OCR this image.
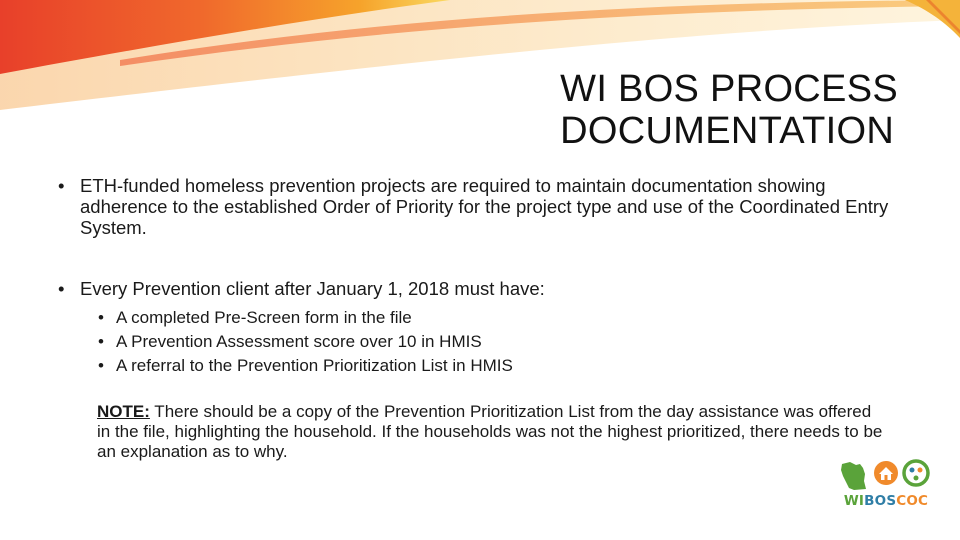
WI BOS PROCESS
DOCUMENTATION

• ETH-funded homeless prevention projects are required to maintain documentation showing adherence to the established Order of Priority for the project type and use of the Coordinated Entry System.

• Every Prevention client after January 1, 2018 must have:

• A completed Pre-Screen form in the file
• A Prevention Assessment score over 10 in HMIS
• A referral to the Prevention Prioritization List in HMIS
NOTE: There should be a copy of the Prevention Prioritization List from the day assistance was offered in the file, highlighting the household. If the households was not the highest prioritized, there needs to be an explanation as to why.
WIBOSCOC
